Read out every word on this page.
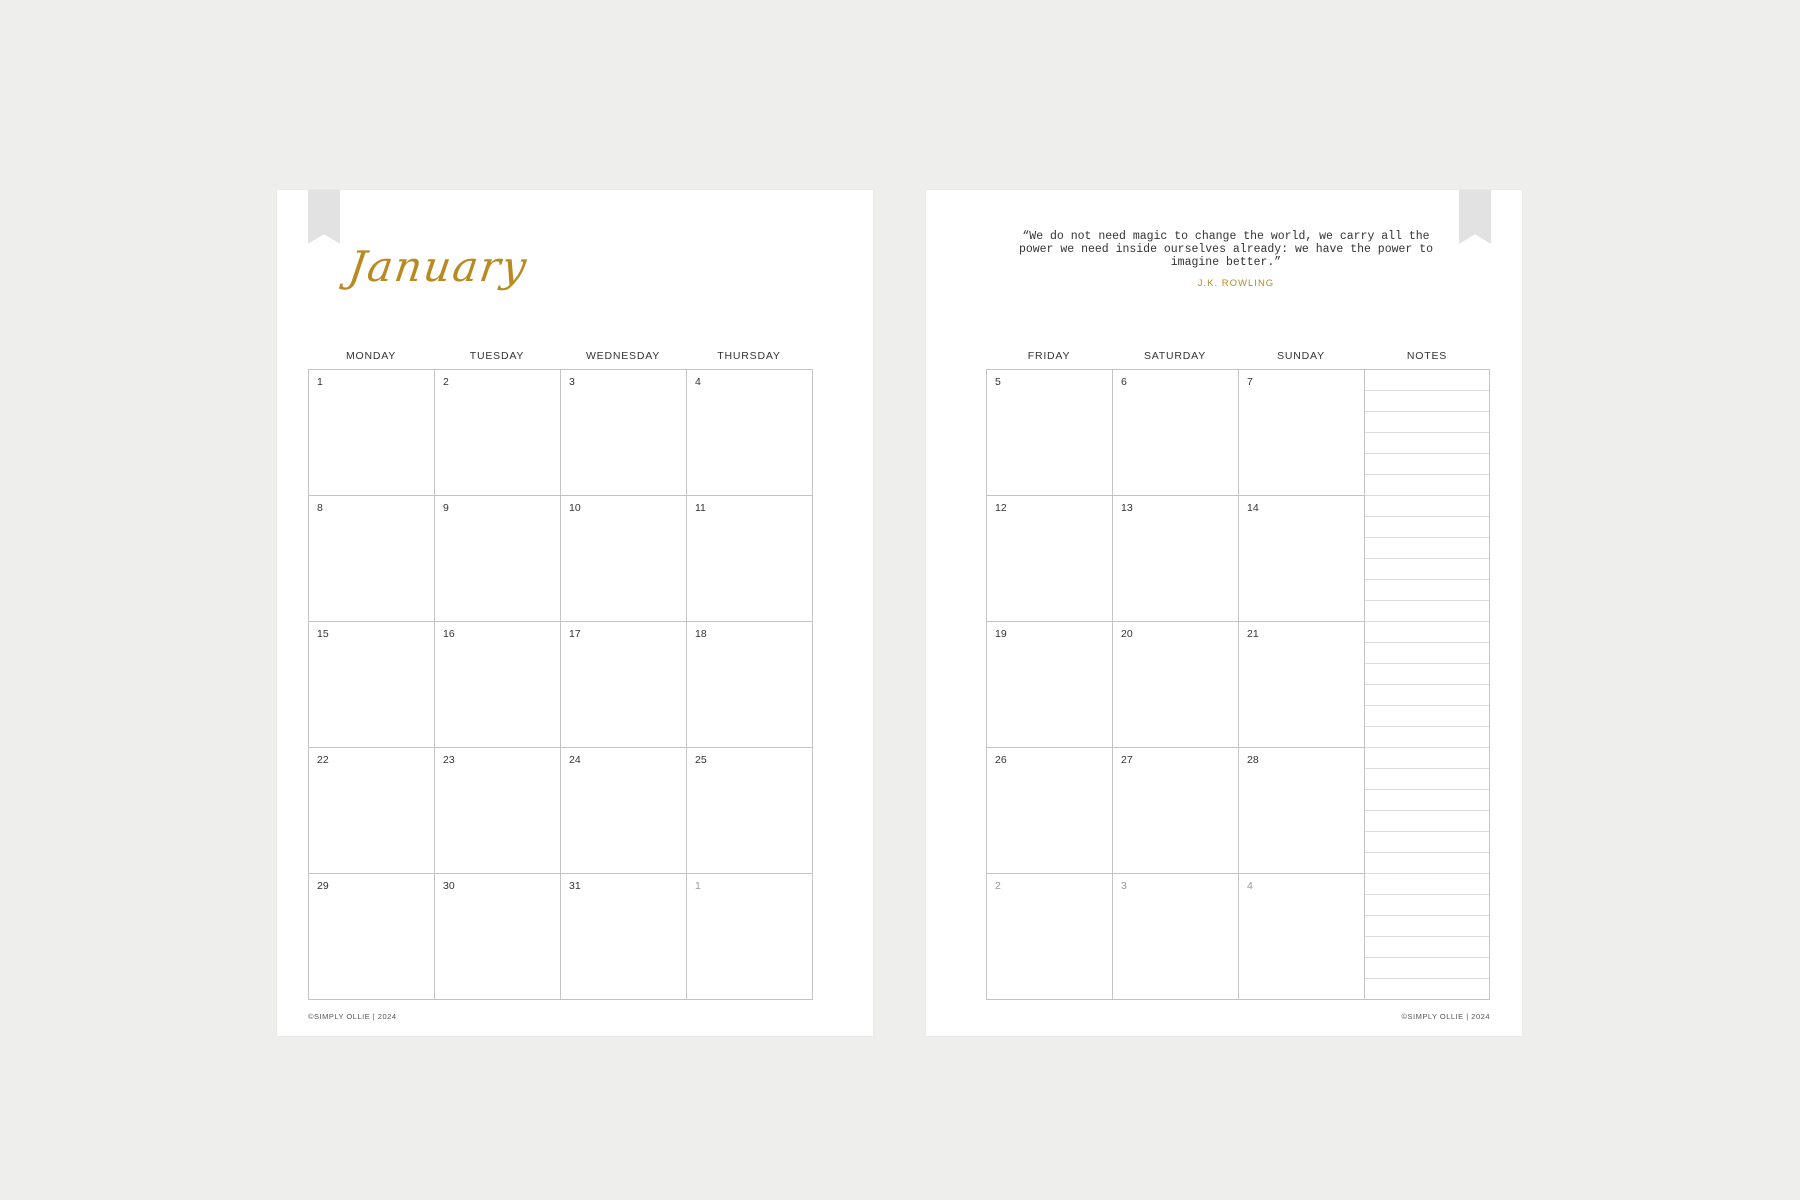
January
MONDAY	TUESDAY	WEDNESDAY	THURSDAY
1	2	3	4
8	9	10	11
15	16	17	18
22	23	24	25
29	30	31	1
©SIMPLY OLLIE | 2024
“We do not need magic to change the world, we carry all the power we need inside ourselves already: we have the power to imagine better.”
J.K. ROWLING
FRIDAY	SATURDAY	SUNDAY	NOTES
5	6	7
12	13	14
19	20	21
26	27	28
2	3	4
©SIMPLY OLLIE | 2024
